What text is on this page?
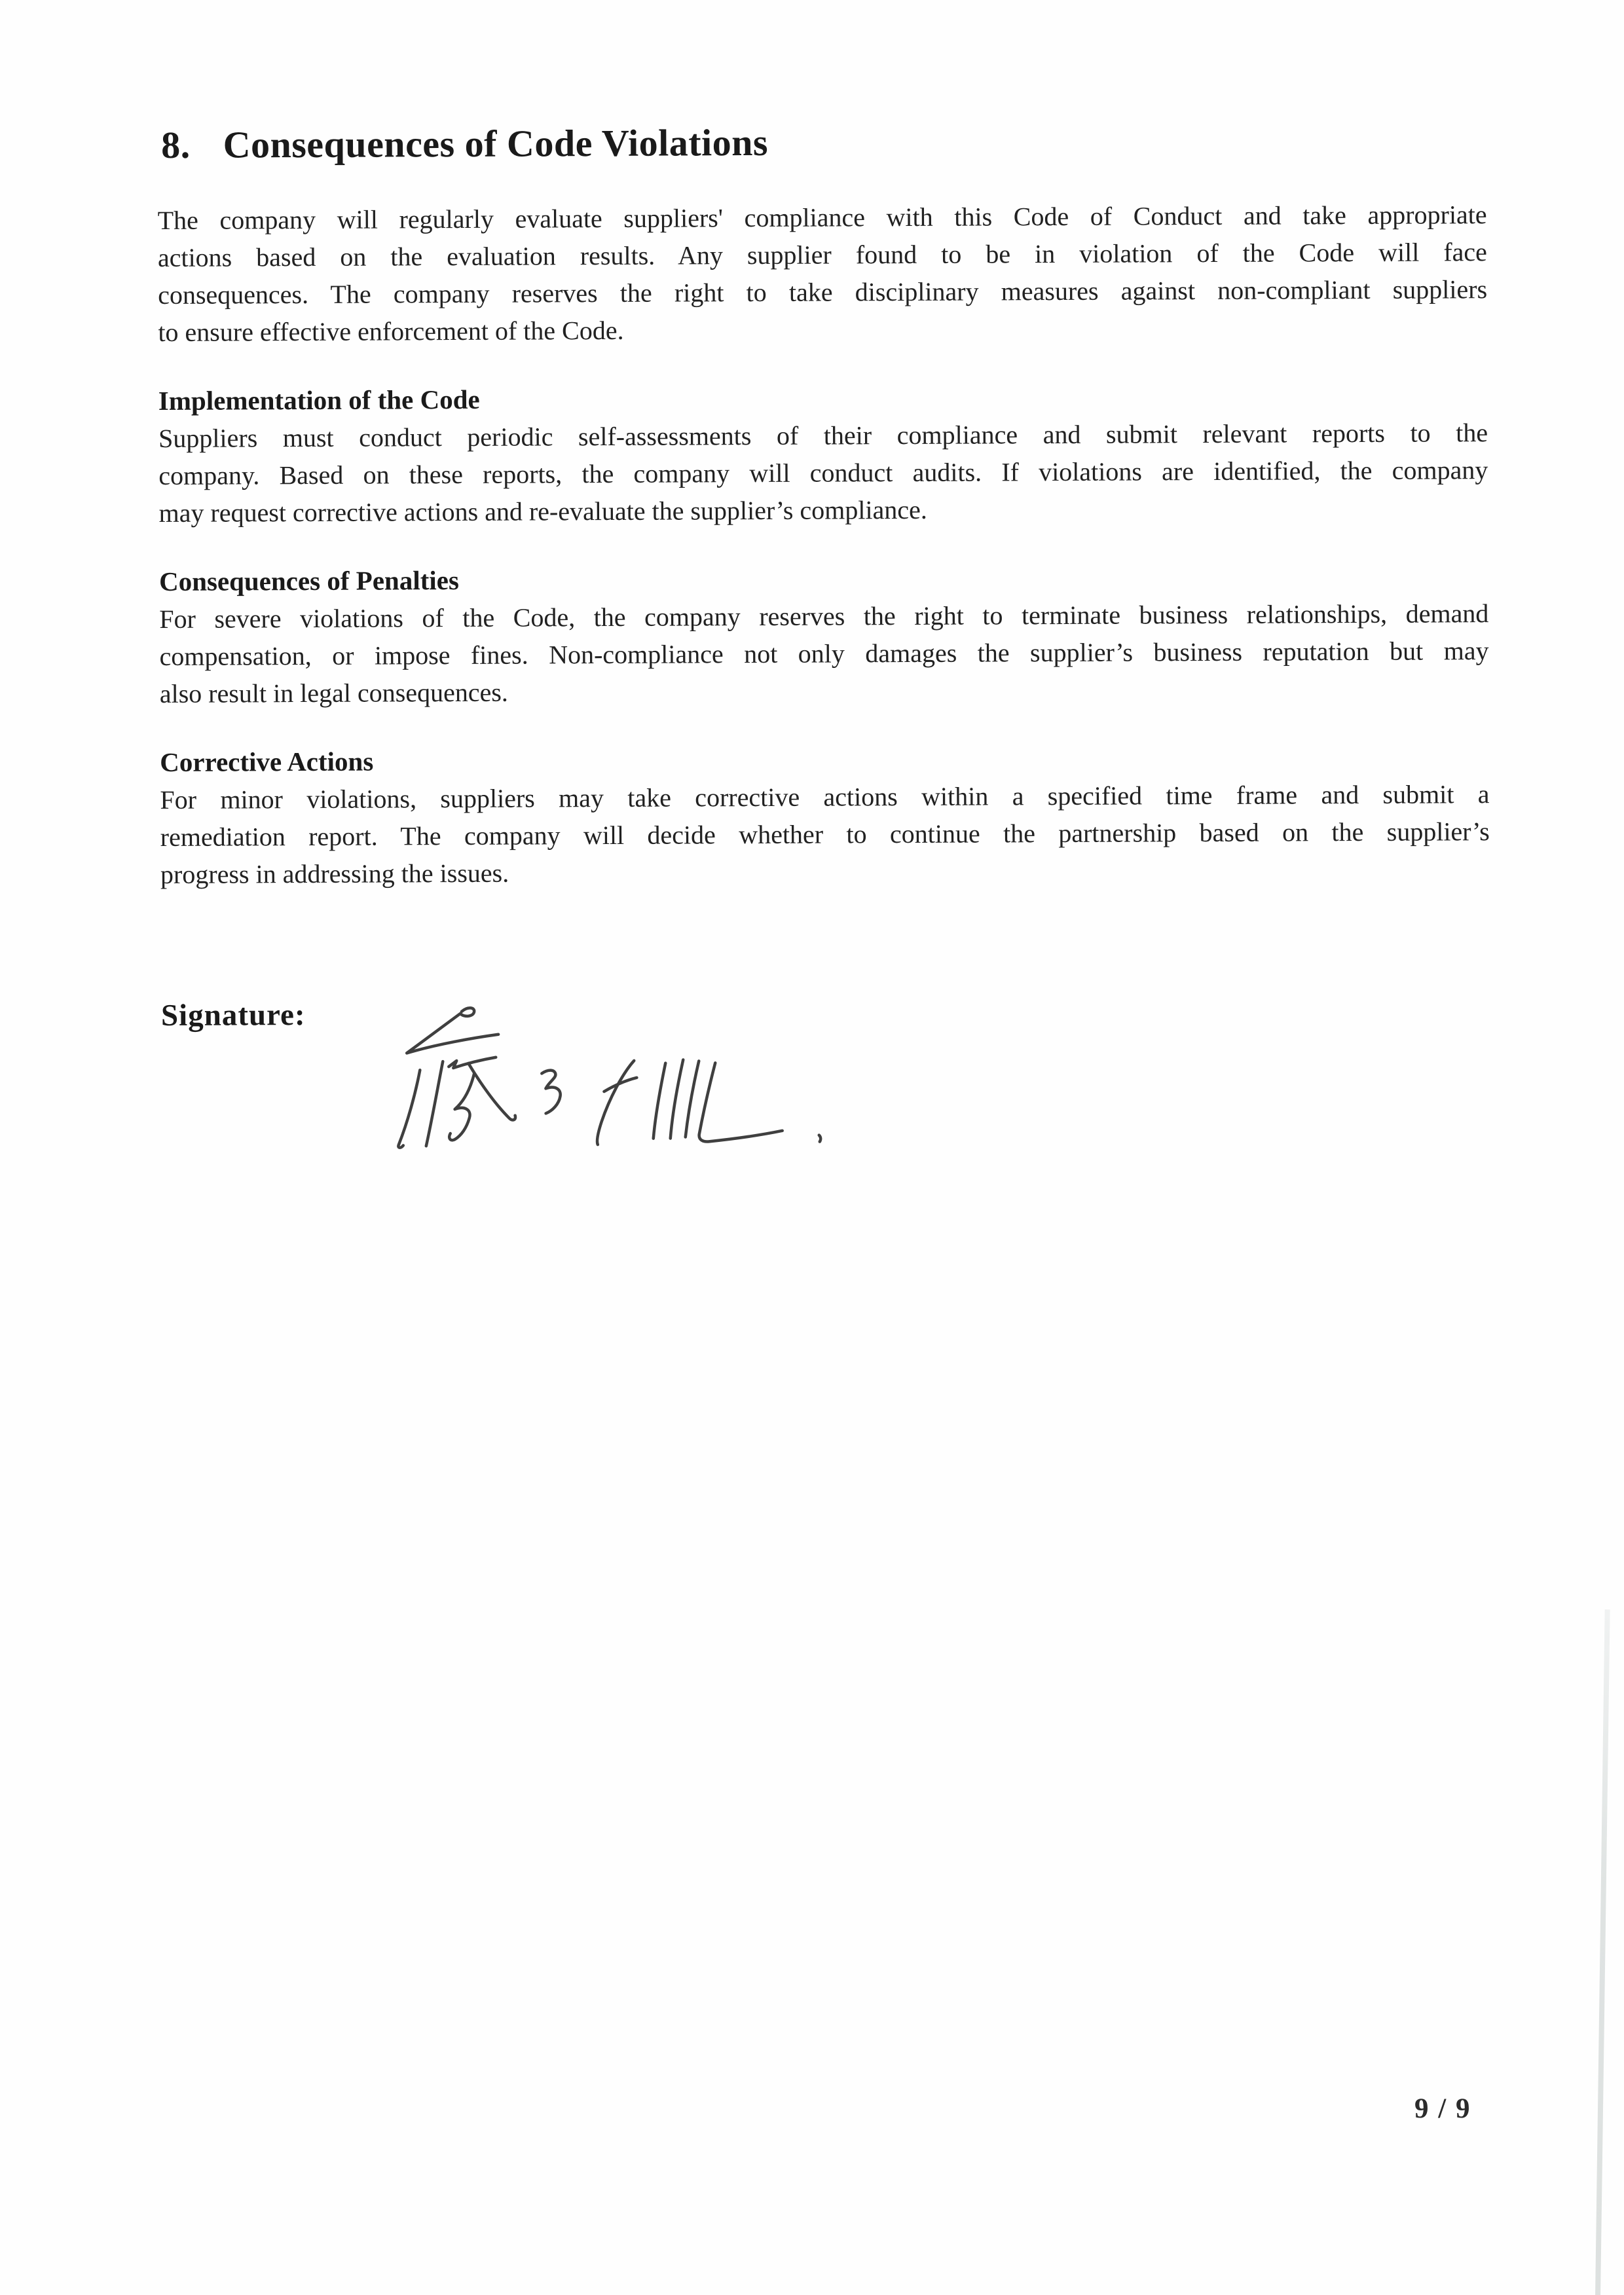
8. Consequences of Code Violations
The company will regularly evaluate suppliers' compliance with this Code of Conduct and take appropriate
actions based on the evaluation results. Any supplier found to be in violation of the Code will face
consequences. The company reserves the right to take disciplinary measures against non-compliant suppliers
to ensure effective enforcement of the Code.
Implementation of the Code
Suppliers must conduct periodic self-assessments of their compliance and submit relevant reports to the
company. Based on these reports, the company will conduct audits. If violations are identified, the company
may request corrective actions and re-evaluate the supplier’s compliance.
Consequences of Penalties
For severe violations of the Code, the company reserves the right to terminate business relationships, demand
compensation, or impose fines. Non-compliance not only damages the supplier’s business reputation but may
also result in legal consequences.
Corrective Actions
For minor violations, suppliers may take corrective actions within a specified time frame and submit a
remediation report. The company will decide whether to continue the partnership based on the supplier’s
progress in addressing the issues.
Signature:
9 / 9
